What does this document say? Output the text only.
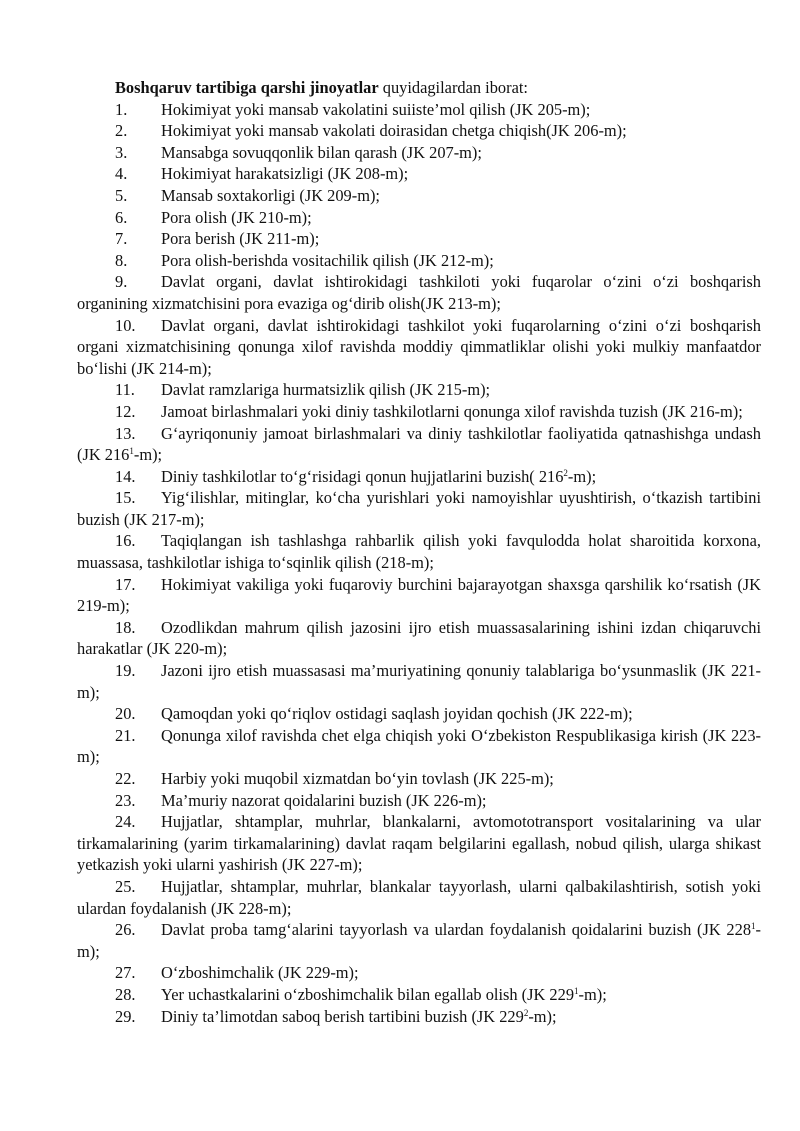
Boshqaruv tartibiga qarshi jinoyatlar quyidagilardan iborat:

1. Hokimiyat yoki mansab vakolatini suiiste’mol qilish (JK 205-m);

2. Hokimiyat yoki mansab vakolati doirasidan chetga chiqish(JK 206-m);

3. Mansabga sovuqqonlik bilan qarash (JK 207-m);

4. Hokimiyat harakatsizligi (JK 208-m);

5. Mansab soxtakorligi (JK 209-m);

6. Pora olish (JK 210-m);

7. Pora berish (JK 211-m);

8. Pora olish-berishda vositachilik qilish (JK 212-m);

9. Davlat organi, davlat ishtirokidagi tashkiloti yoki fuqarolar o‘zini o‘zi boshqarish organining xizmatchisini pora evaziga og‘dirib olish(JK 213-m);

10. Davlat organi, davlat ishtirokidagi tashkilot yoki fuqarolarning o‘zini o‘zi boshqarish organi xizmatchisining qonunga xilof ravishda moddiy qimmatliklar olishi yoki mulkiy manfaatdor bo‘lishi (JK 214-m);

11. Davlat ramzlariga hurmatsizlik qilish (JK 215-m);

12. Jamoat birlashmalari yoki diniy tashkilotlarni qonunga xilof ravishda tuzish (JK 216-m);

13. G‘ayriqonuniy jamoat birlashmalari va diniy tashkilotlar faoliyatida qatnashishga undash (JK $216^1-m$);

14. Diniy tashkilotlar to‘g‘risidagi qonun hujjatlarini buzish( $216^2-m$);

15. Yig‘ilishlar, mitinglar, ko‘cha yurishlari yoki namoyishlar uyushtirish, o‘tkazish tartibini buzish (JK 217-m);

16. Taqiqlangan ish tashlashga rahbarlik qilish yoki favqulodda holat sharoitida korxona, muassasa, tashkilotlar ishiga to‘sqinlik qilish (218-m);

17. Hokimiyat vakiliga yoki fuqaroviy burchini bajarayotgan shaxsga qarshilik ko‘rsatish (JK 219-m);

18. Ozodlikdan mahrum qilish jazosini ijro etish muassasalarining ishini izdan chiqaruvchi harakatlar (JK 220-m);

19. Jazoni ijro etish muassasasi ma’muriyatining qonuniy talablariga bo‘ysunmaslik (JK 221-m);

20. Qamoqdan yoki qo‘riqlov ostidagi saqlash joyidan qochish (JK 222-m);

21. Qonunga xilof ravishda chet elga chiqish yoki O‘zbekiston Respublikasiga kirish (JK 223-m);

22. Harbiy yoki muqobil xizmatdan bo‘yin tovlash (JK 225-m);

23. Ma’muriy nazorat qoidalarini buzish (JK 226-m);

24. Hujjatlar, shtamplar, muhrlar, blankalarni, avtomototransport vositalarining va ular tirkamalarining (yarim tirkamalarining) davlat raqam belgilarini egallash, nobud qilish, ularga shikast yetkazish yoki ularni yashirish (JK 227-m);

25. Hujjatlar, shtamplar, muhrlar, blankalar tayyorlash, ularni qalbakilashtirish, sotish yoki ulardan foydalanish (JK 228-m);

26. Davlat proba tamg‘alarini tayyorlash va ulardan foydalanish qoidalarini buzish (JK $228^1-m$);

27. O‘zboshimchalik (JK 229-m);

28. Yer uchastkalarini o‘zboshimchalik bilan egallab olish (JK $229^1-m$);

29. Diniy ta’limotdan saboq berish tartibini buzish (JK $229^2-m$);
